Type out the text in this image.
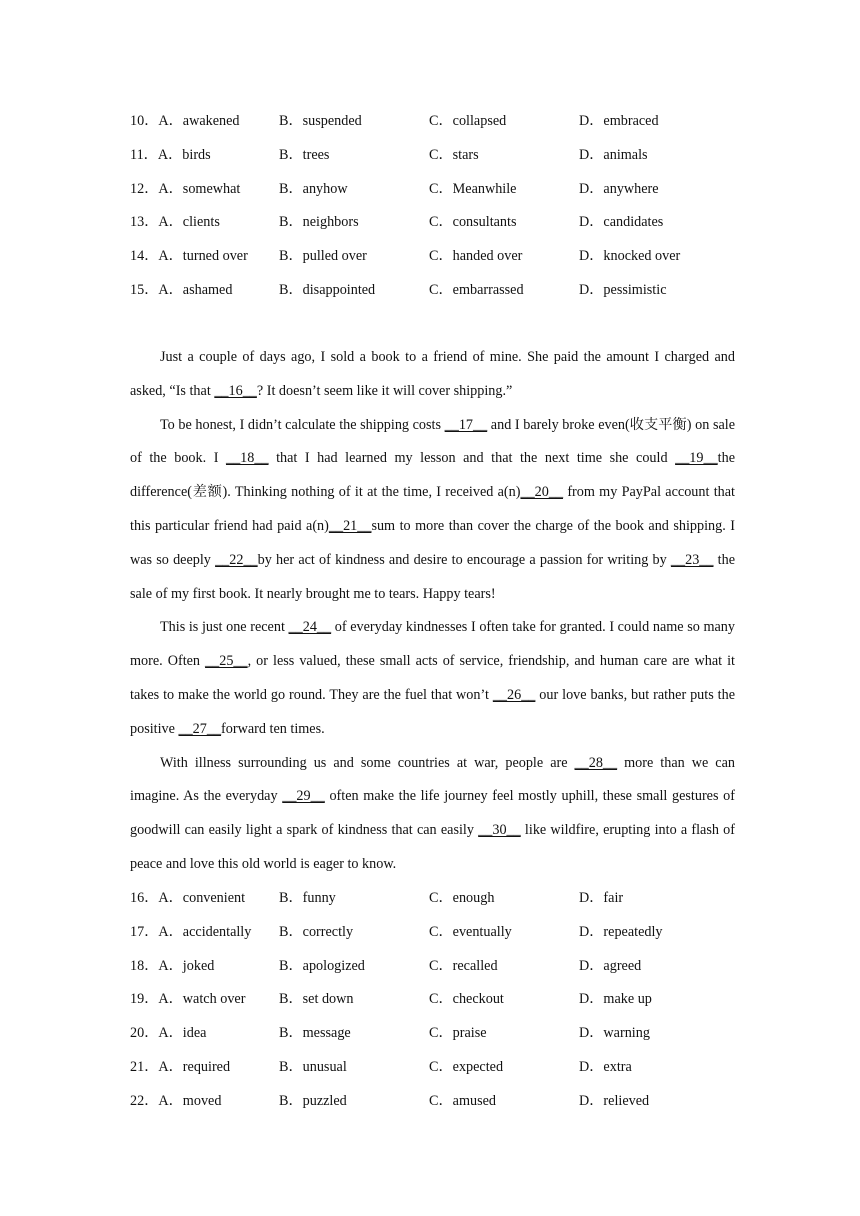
10．A．awakened	B．suspended	C．collapsed	D．embraced
11．A．birds	B．trees	C．stars	D．animals
12．A．somewhat	B．anyhow	C．Meanwhile	D．anywhere
13．A．clients	B．neighbors	C．consultants	D．candidates
14．A．turned over B．pulled over	C．handed over	D．knocked over
15．A．ashamed	B．disappointed	C．embarrassed	D．pessimistic

Just a couple of days ago, I sold a book to a friend of mine. She paid the amount I charged and asked, “Is that __16__? It doesn’t seem like it will cover shipping.”

To be honest, I didn’t calculate the shipping costs __17__ and I barely broke even(收支平衡) on sale of the book. I __18__ that I had learned my lesson and that the next time she could __19__the difference(差额). Thinking nothing of it at the time, I received a(n)__20__ from my PayPal account that this particular friend had paid a(n)__21__sum to more than cover the charge of the book and shipping. I was so deeply __22__by her act of kindness and desire to encourage a passion for writing by __23__ the sale of my first book. It nearly brought me to tears. Happy tears!

This is just one recent __24__ of everyday kindnesses I often take for granted. I could name so many more. Often __25__, or less valued, these small acts of service, friendship, and human care are what it takes to make the world go round. They are the fuel that won’t __26__ our love banks, but rather puts the positive __27__forward ten times.

With illness surrounding us and some countries at war, people are __28__ more than we can imagine. As the everyday __29__ often make the life journey feel mostly uphill, these small gestures of goodwill can easily light a spark of kindness that can easily __30__ like wildfire, erupting into a flash of peace and love this old world is eager to know.

16．A．convenient B．funny	C．enough	D．fair
17．A．accidentally B．correctly	C．eventually	D．repeatedly
18．A．joked	B．apologized	C．recalled	D．agreed
19．A．watch over B．set down	C．checkout	D．make up
20．A．idea	B．message	C．praise	D．warning
21．A．required	B．unusual	C．expected	D．extra
22．A．moved	B．puzzled	C．amused	D．relieved
